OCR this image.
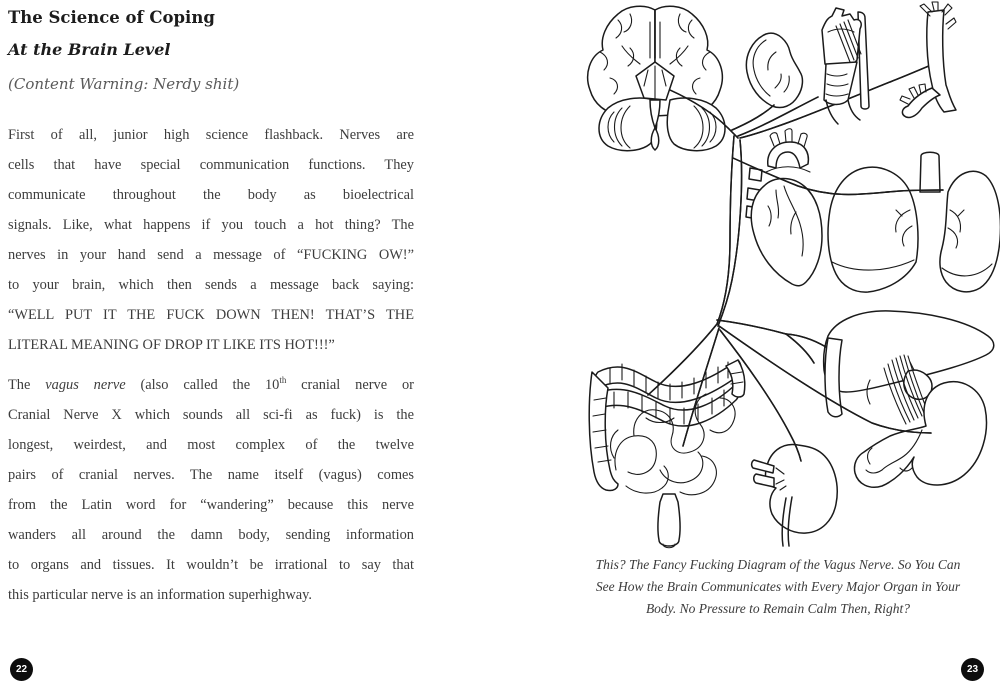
The Science of Coping
At the Brain Level
(Content Warning: Nerdy shit)
First of all, junior high science flashback. Nerves are
cells that have special communication functions. They
communicate throughout the body as bioelectrical
signals. Like, what happens if you touch a hot thing? The
nerves in your hand send a message of “FUCKING OW!”
to your brain, which then sends a message back saying:
“WELL PUT IT THE FUCK DOWN THEN! THAT’S THE
LITERAL MEANING OF DROP IT LIKE ITS HOT!!!”
The vagus nerve (also called the 10th cranial nerve or
Cranial Nerve X which sounds all sci-fi as fuck) is the
longest, weirdest, and most complex of the twelve
pairs of cranial nerves. The name itself (vagus) comes
from the Latin word for “wandering” because this nerve
wanders all around the damn body, sending information
to organs and tissues. It wouldn’t be irrational to say that
this particular nerve is an information superhighway.
This? The Fancy Fucking Diagram of the Vagus Nerve. So You Can
See How the Brain Communicates with Every Major Organ in Your
Body. No Pressure to Remain Calm Then, Right?
22	23
